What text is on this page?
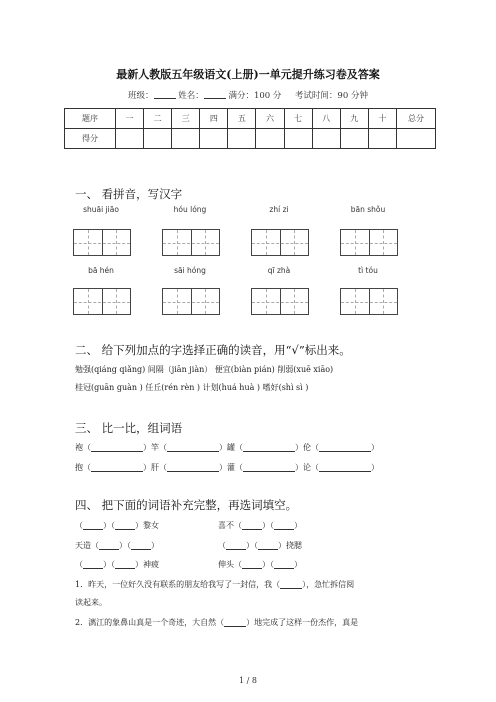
最新人教版五年级语文(上册)一单元提升练习卷及答案
班级：	姓名：	满分：100 分 考试时间：90 分钟
题序	一	二	三	四	五	六	七	八	九	十	总分
得分											
一、 看拼音，写汉字
shuāi jiāo	hóu lóng	zhí zi	bān shǒu
bā hén	sāi hóng	qī zhà	tì tóu
二、 给下列加点的字选择正确的读音，用“√”标出来。
勉强(qiáng qiǎng) 间隔（jiān jiàn） 便宜(biàn pián) 削弱(xuē xiāo)
桂冠(guān guàn ) 任丘(rén rèn ) 计划(huá huà ) 嗜好(shì sì )
三、 比一比，组词语
袍（	）竿（	）罐（	）伦（	）
抱（	）肝（	）灌（	）论（	）
四、 把下面的词语补充完整，再选词填空。
（	）（	）黎女	喜不（	）（	）
天造（	）（	）	（	）（	）挠腮
（	）（	）神疲	伸头（	）（	）
1．昨天，一位好久没有联系的朋友给我写了一封信，我（	），急忙拆信阅
读起来。
2．漓江的象鼻山真是一个奇迹，大自然（	）地完成了这样一份杰作，真是
1 / 8
